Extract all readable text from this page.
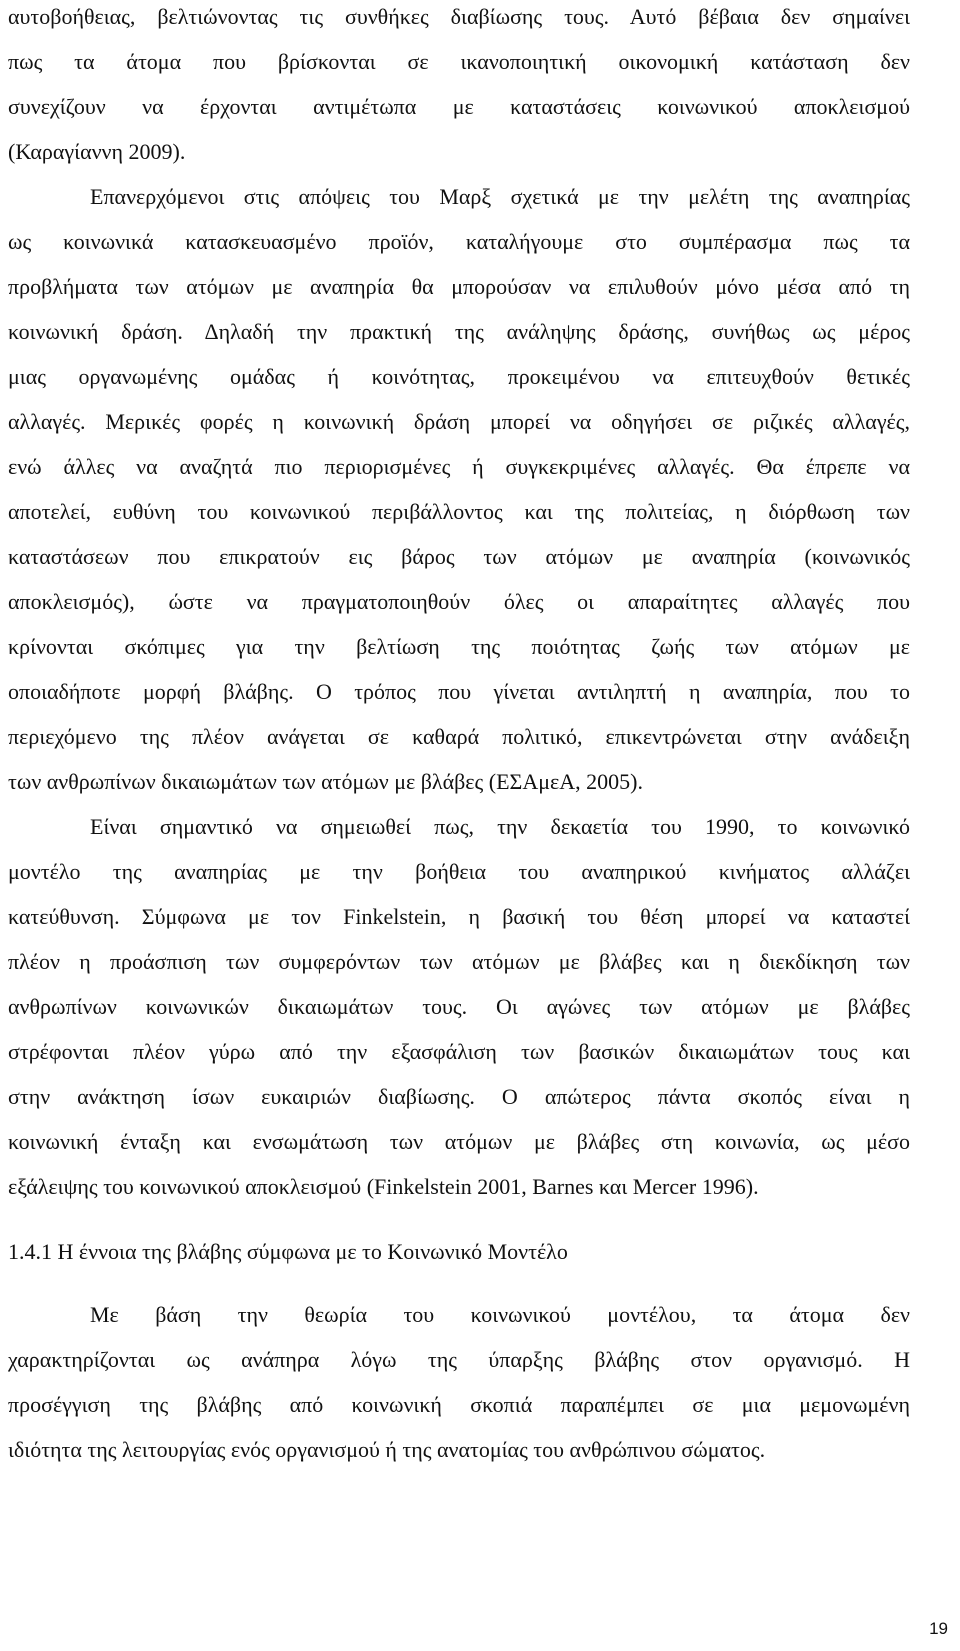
αυτοβοήθειας, βελτιώνοντας τις συνθήκες διαβίωσης τους. Αυτό βέβαια δεν σημαίνει
πως τα άτομα που βρίσκονται σε ικανοποιητική οικονομική κατάσταση δεν
συνεχίζουν να έρχονται αντιμέτωπα με καταστάσεις κοινωνικού αποκλεισμού
(Καραγίαννη 2009).
Επανερχόμενοι στις απόψεις του Μαρξ σχετικά με την μελέτη της αναπηρίας
ως κοινωνικά κατασκευασμένο προϊόν, καταλήγουμε στο συμπέρασμα πως τα
προβλήματα των ατόμων με αναπηρία θα μπορούσαν να επιλυθούν μόνο μέσα από τη
κοινωνική δράση. Δηλαδή την πρακτική της ανάληψης δράσης, συνήθως ως μέρος
μιας οργανωμένης ομάδας ή κοινότητας, προκειμένου να επιτευχθούν θετικές
αλλαγές. Μερικές φορές η κοινωνική δράση μπορεί να οδηγήσει σε ριζικές αλλαγές,
ενώ άλλες να αναζητά πιο περιορισμένες ή συγκεκριμένες αλλαγές. Θα έπρεπε να
αποτελεί, ευθύνη του κοινωνικού περιβάλλοντος και της πολιτείας, η διόρθωση των
καταστάσεων που επικρατούν εις βάρος των ατόμων με αναπηρία (κοινωνικός
αποκλεισμός), ώστε να πραγματοποιηθούν όλες οι απαραίτητες αλλαγές που
κρίνονται σκόπιμες για την βελτίωση της ποιότητας ζωής των ατόμων με
οποιαδήποτε μορφή βλάβης. Ο τρόπος που γίνεται αντιληπτή η αναπηρία, που το
περιεχόμενο της πλέον ανάγεται σε καθαρά πολιτικό, επικεντρώνεται στην ανάδειξη
των ανθρωπίνων δικαιωμάτων των ατόμων με βλάβες (ΕΣΑμεΑ, 2005).
Είναι σημαντικό να σημειωθεί πως, την δεκαετία του 1990, το κοινωνικό
μοντέλο της αναπηρίας με την βοήθεια του αναπηρικού κινήματος αλλάζει
κατεύθυνση. Σύμφωνα με τον Finkelstein, η βασική του θέση μπορεί να καταστεί
πλέον η προάσπιση των συμφερόντων των ατόμων με βλάβες και η διεκδίκηση των
ανθρωπίνων κοινωνικών δικαιωμάτων τους. Οι αγώνες των ατόμων με βλάβες
στρέφονται πλέον γύρω από την εξασφάλιση των βασικών δικαιωμάτων τους και
στην ανάκτηση ίσων ευκαιριών διαβίωσης. Ο απώτερος πάντα σκοπός είναι η
κοινωνική ένταξη και ενσωμάτωση των ατόμων με βλάβες στη κοινωνία, ως μέσο
εξάλειψης του κοινωνικού αποκλεισμού (Finkelstein 2001, Barnes και Mercer 1996).
1.4.1 Η έννοια της βλάβης σύμφωνα με το Κοινωνικό Μοντέλο
Με βάση την θεωρία του κοινωνικού μοντέλου, τα άτομα δεν
χαρακτηρίζονται ως ανάπηρα λόγω της ύπαρξης βλάβης στον οργανισμό. Η
προσέγγιση της βλάβης από κοινωνική σκοπιά παραπέμπει σε μια μεμονωμένη
ιδιότητα της λειτουργίας ενός οργανισμού ή της ανατομίας του ανθρώπινου σώματος.
19
